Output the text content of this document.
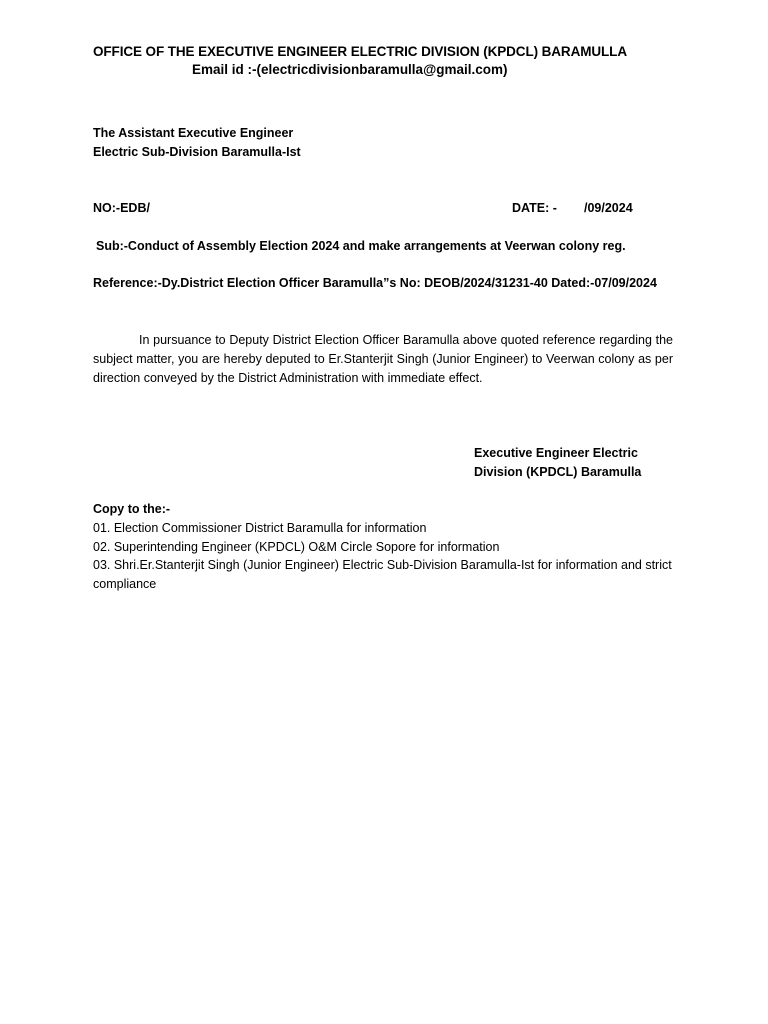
OFFICE OF THE EXECUTIVE ENGINEER ELECTRIC DIVISION (KPDCL) BARAMULLA
Email id :-(electricdivisionbaramulla@gmail.com)
The Assistant Executive Engineer
Electric Sub-Division Baramulla-Ist
NO:-EDB/	DATE: - /09/2024
Sub:-Conduct of Assembly Election 2024 and make arrangements at Veerwan colony reg.
Reference:-Dy.District Election Officer Baramulla”s No: DEOB/2024/31231-40 Dated:-07/09/2024
In pursuance to Deputy District Election Officer Baramulla above quoted reference regarding the subject matter, you are hereby deputed to Er.Stanterjit Singh (Junior Engineer) to Veerwan colony as per direction conveyed by the District Administration with immediate effect.
Executive Engineer Electric
Division (KPDCL) Baramulla
Copy to the:-
01. Election Commissioner District Baramulla for information
02. Superintending Engineer (KPDCL) O&M Circle Sopore for information
03. Shri.Er.Stanterjit Singh (Junior Engineer) Electric Sub-Division Baramulla-Ist for information and strict compliance
